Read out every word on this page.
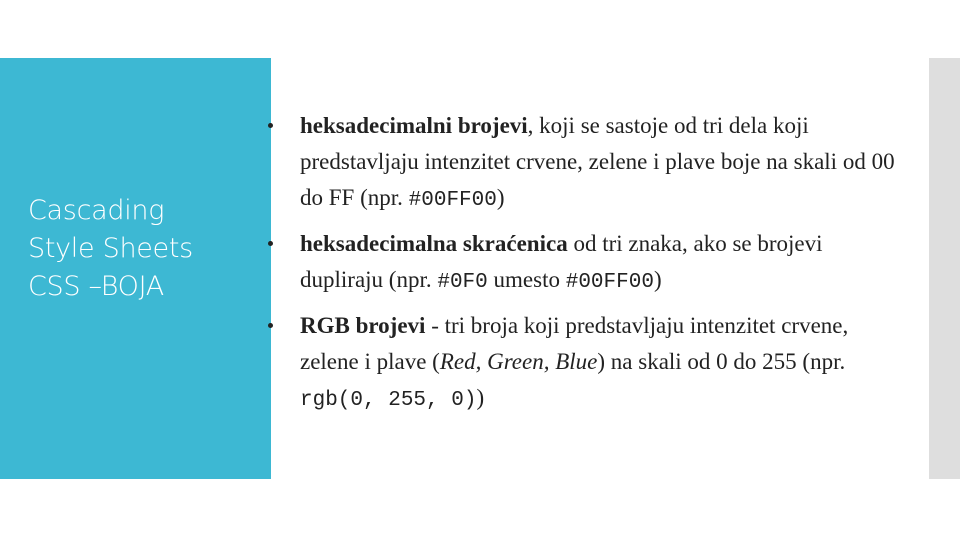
Cascading
Style Sheets
CSS –BOJA
heksadecimalni brojevi, koji se sastoje od tri dela koji predstavljaju intenzitet crvene, zelene i plave boje na skali od 00 do FF (npr. #00FF00)
heksadecimalna skraćenica od tri znaka, ako se brojevi dupliraju (npr. #0F0 umesto #00FF00)
RGB brojevi - tri broja koji predstavljaju intenzitet crvene, zelene i plave (Red, Green, Blue) na skali od 0 do 255 (npr. rgb(0, 255, 0))
